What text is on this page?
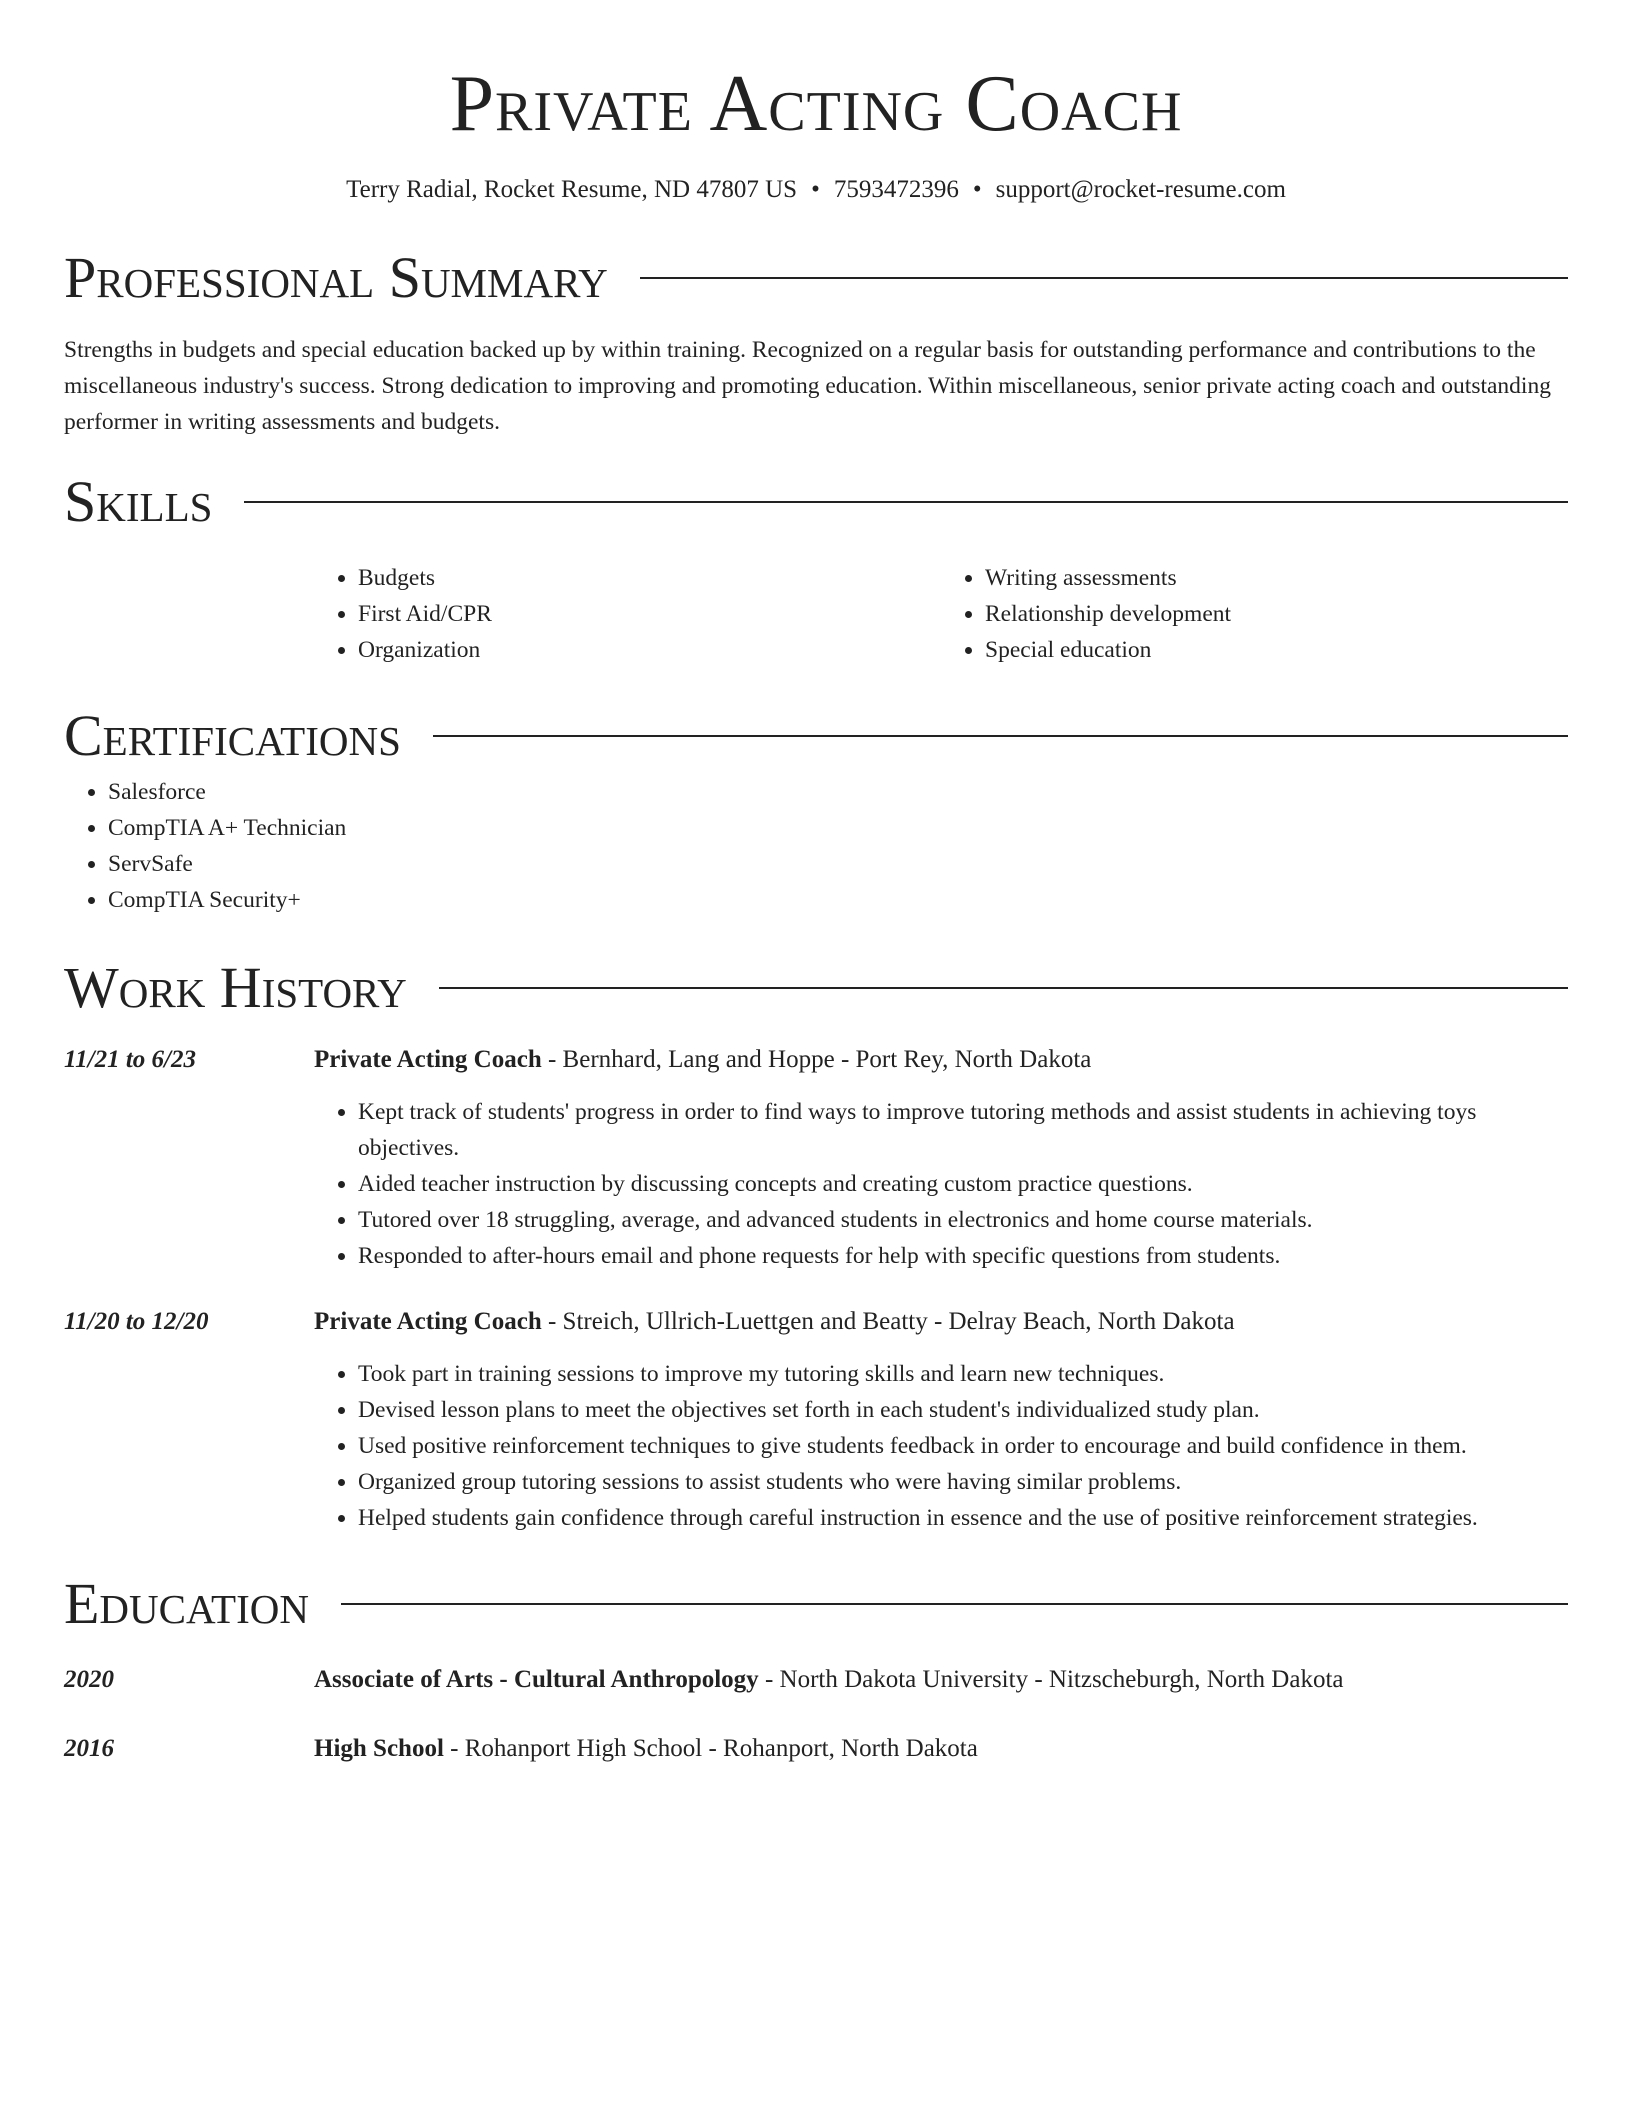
Private Acting Coach
Terry Radial, Rocket Resume, ND 47807 US • 7593472396 • support@rocket-resume.com
Professional Summary

Strengths in budgets and special education backed up by within training. Recognized on a regular basis for outstanding performance and contributions to the miscellaneous industry's success. Strong dedication to improving and promoting education. Within miscellaneous, senior private acting coach and outstanding performer in writing assessments and budgets.

Skills
• Budgets
• First Aid/CPR
• Organization
• Writing assessments
• Relationship development
• Special education
Certifications
• Salesforce
• CompTIA A+ Technician
• ServSafe
• CompTIA Security+
Work History
11/21 to 6/23	Private Acting Coach - Bernhard, Lang and Hoppe - Port Rey, North Dakota
• Kept track of students' progress in order to find ways to improve tutoring methods and assist students in achieving toys objectives.
• Aided teacher instruction by discussing concepts and creating custom practice questions.
• Tutored over 18 struggling, average, and advanced students in electronics and home course materials.
• Responded to after-hours email and phone requests for help with specific questions from students.
11/20 to 12/20	Private Acting Coach - Streich, Ullrich-Luettgen and Beatty - Delray Beach, North Dakota
• Took part in training sessions to improve my tutoring skills and learn new techniques.
• Devised lesson plans to meet the objectives set forth in each student's individualized study plan.
• Used positive reinforcement techniques to give students feedback in order to encourage and build confidence in them.
• Organized group tutoring sessions to assist students who were having similar problems.
• Helped students gain confidence through careful instruction in essence and the use of positive reinforcement strategies.
Education
2020	Associate of Arts - Cultural Anthropology - North Dakota University - Nitzscheburgh, North Dakota
2016	High School - Rohanport High School - Rohanport, North Dakota
